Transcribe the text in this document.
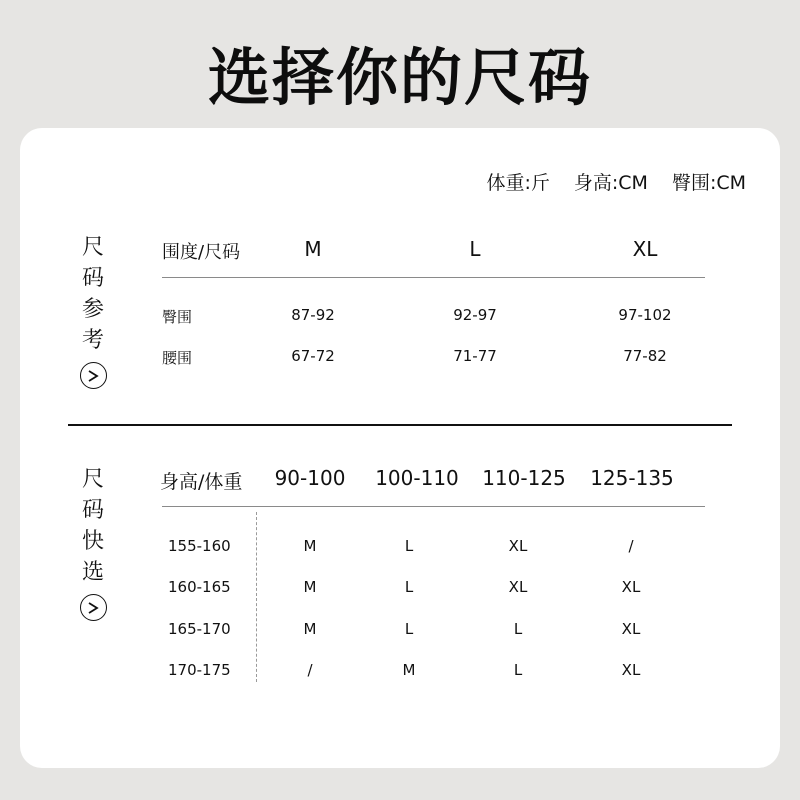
选择你的尺码
体重:斤 身高:CM 臀围:CM
尺
码
参
考
围度/尺码	M	L	XL
臀围	87-92	92-97	97-102
腰围	67-72	71-77	77-82
尺
码
快
选
身高/体重 90-100 100-110 110-125 125-135
155-160	M	L	XL	/
160-165	M	L	XL	XL
165-170	M	L	L	XL
170-175	/	M	L	XL
